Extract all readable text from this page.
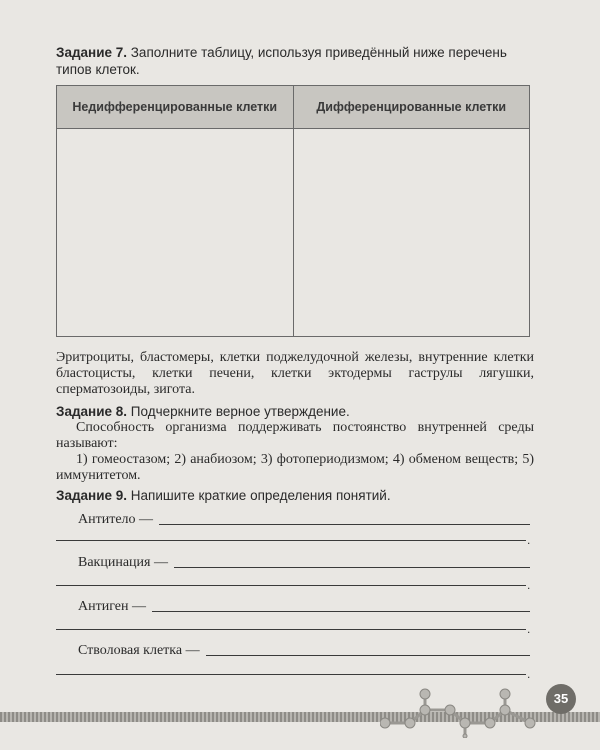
Задание 7. Заполните таблицу, используя приведённый ниже перечень типов клеток.
Недифференцированные клетки	Дифференцированные клетки

Эритроциты, бластомеры, клетки поджелудочной железы, внутренние клетки бластоцисты, клетки печени, клетки эктодермы гаструлы лягушки, сперматозоиды, зигота.
Задание 8. Подчеркните верное утверждение.
Способность организма поддерживать постоянство внутренней среды называют:
1) гомеостазом; 2) анабиозом; 3) фотопериодизмом; 4) обменом веществ; 5) иммунитетом.
Задание 9. Напишите краткие определения понятий.
Антитело —
.
Вакцинация —
.
Антиген —
.
Стволовая клетка —
.
35
